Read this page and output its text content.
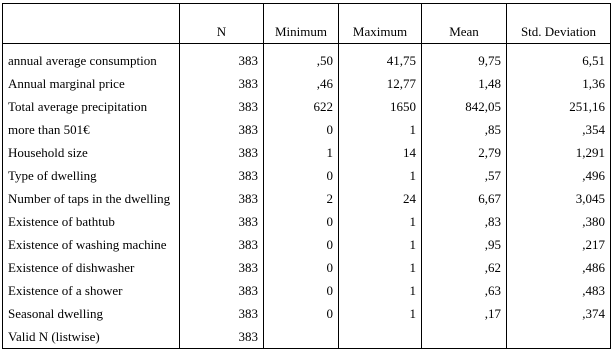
	N	Minimum	Maximum	Mean	Std. Deviation
annual average consumption	383	,50	41,75	9,75	6,51
Annual marginal price	383	,46	12,77	1,48	1,36
Total average precipitation	383	622	1650	842,05	251,16
more than 501€	383	0	1	,85	,354
Household size	383	1	14	2,79	1,291
Type of dwelling	383	0	1	,57	,496
Number of taps in the dwelling	383	2	24	6,67	3,045
Existence of bathtub	383	0	1	,83	,380
Existence of washing machine	383	0	1	,95	,217
Existence of dishwasher	383	0	1	,62	,486
Existence of a shower	383	0	1	,63	,483
Seasonal dwelling	383	0	1	,17	,374
Valid N (listwise)	383				
